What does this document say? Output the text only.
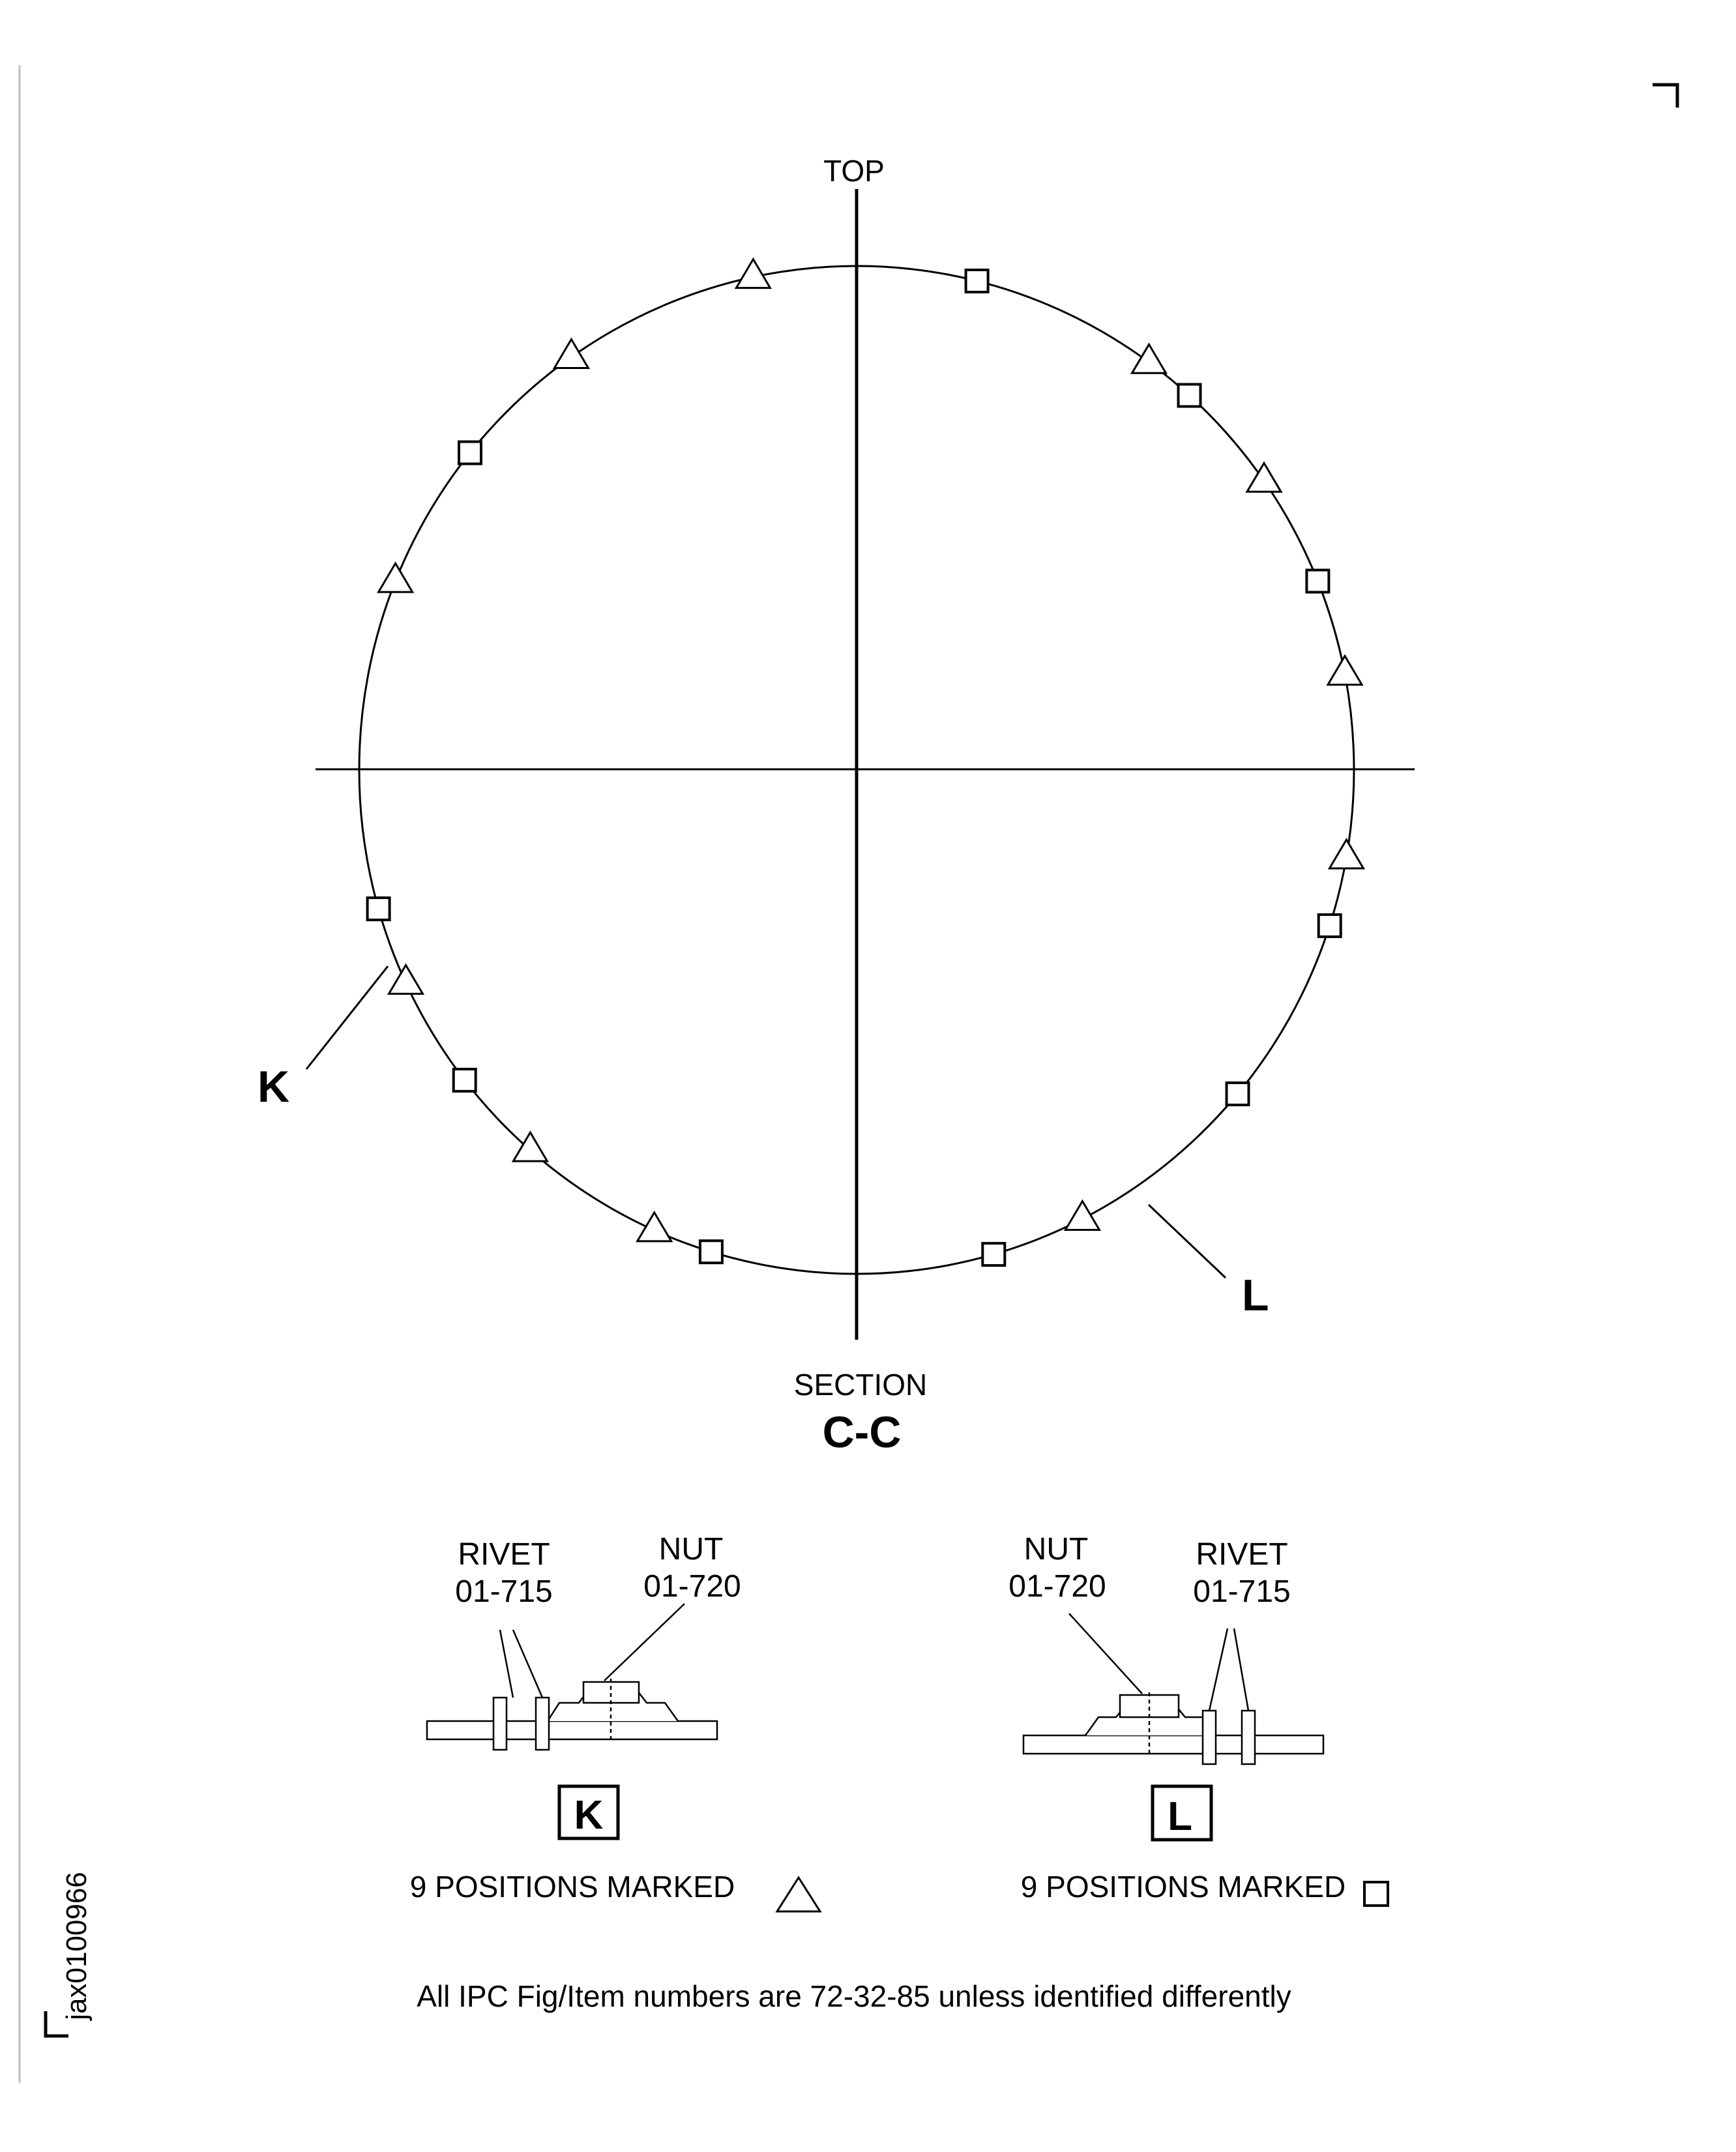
TOP
SECTION
C-C
K
L
RIVET
01-715
NUT
01-720
K
9 POSITIONS MARKED
NUT
01-720
RIVET
01-715
L
9 POSITIONS MARKED
All IPC Fig/Item numbers are 72-32-85 unless identified differently
jax0100966
